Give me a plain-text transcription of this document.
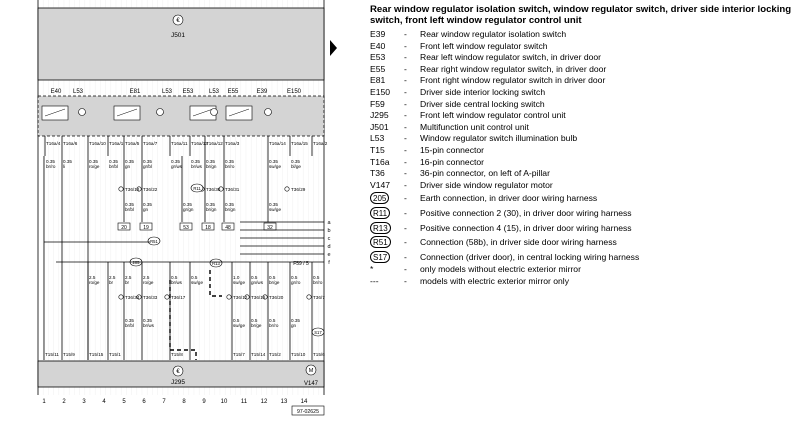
€
J501
E40 L53	E81	L53 E53	L53 E55	E39	E150
T16a/4 T16a/6	T16a/10 T16a/1 T16a/5 T16a/7	T16a/11 T16a/13
T16a/12 T16a/3	T16a/14 T16a/15 T16a/2
0.35
br/ro
0.35
li
0.35
ro/ge
0.35
br/bl
0.35
gn
0.35
gr/bl
0.35
gr/ws
0.35
br/ws
0.35
br/gn
0.35
br/ro
0.35
sw/ge
0.35
bl/ge
T36/18 T36/22	T36/30 T36/31	T36/29
0.35
br/bl
0.35
gn
0.35
gr/gn
0.35
br/gn
0.35
br/gn
0.35
sw/ge
20	19	53	18	48	32
a
b
c
d
e
f
S17
R11
R13
R51
205	F59 / 5
2.5
ro/ge
2.5
br
2.5
br
2.5
ro/ge
0.5
br/ws
0.5
sw/ge
1.0
sw/ge
0.5
gn/ws
0.5
br/ge
0.5
gr/ro
0.5
br/ro
T36/34 T36/33	T36/17	T36/12 T36/16 T36/20	T36/7
0.35
br/bl
0.35
br/ws
0.5
sw/ge
0.5
br/ge
0.5
br/ro
0.35
gn
T15/11 T15/9	T15/15 T15/1	T15/8	T15/7 T15/14 T15/2 T15/10 T15/6
€
J295
M
V147
1	2	3	4	5	6	7	8	9 10 11 12 13 14
97-02625
Rear window regulator isolation switch, window regulator switch, driver side interior locking switch, front left window regulator control unit
E39 - Rear window regulator isolation switch
E40 - Front left window regulator switch
E53 - Rear left window regulator switch, in driver door
E55 - Rear right window regulator switch, in driver door
E81 - Front right window regulator switch in driver door
E150 - Driver side interior locking switch
F59 - Driver side central locking switch
J295 - Front left window regulator control unit
J501 - Multifunction unit control unit
L53 - Window regulator switch illumination bulb
T15 - 15-pin connector
T16a - 16-pin connector
T36 - 36-pin connector, on left of A-pillar
V147 - Driver side window regulator motor
205	- Earth connection, in driver door wiring harness
R11	- Positive connection 2 (30), in driver door wiring harness
R13	- Positive connection 4 (15), in driver door wiring harness
R51	- Connection (58b), in driver side door wiring harness
S17	- Connection (driver door), in central locking wiring harness
*	- only models without electric exterior mirror
---	- models with electric exterior mirror only
